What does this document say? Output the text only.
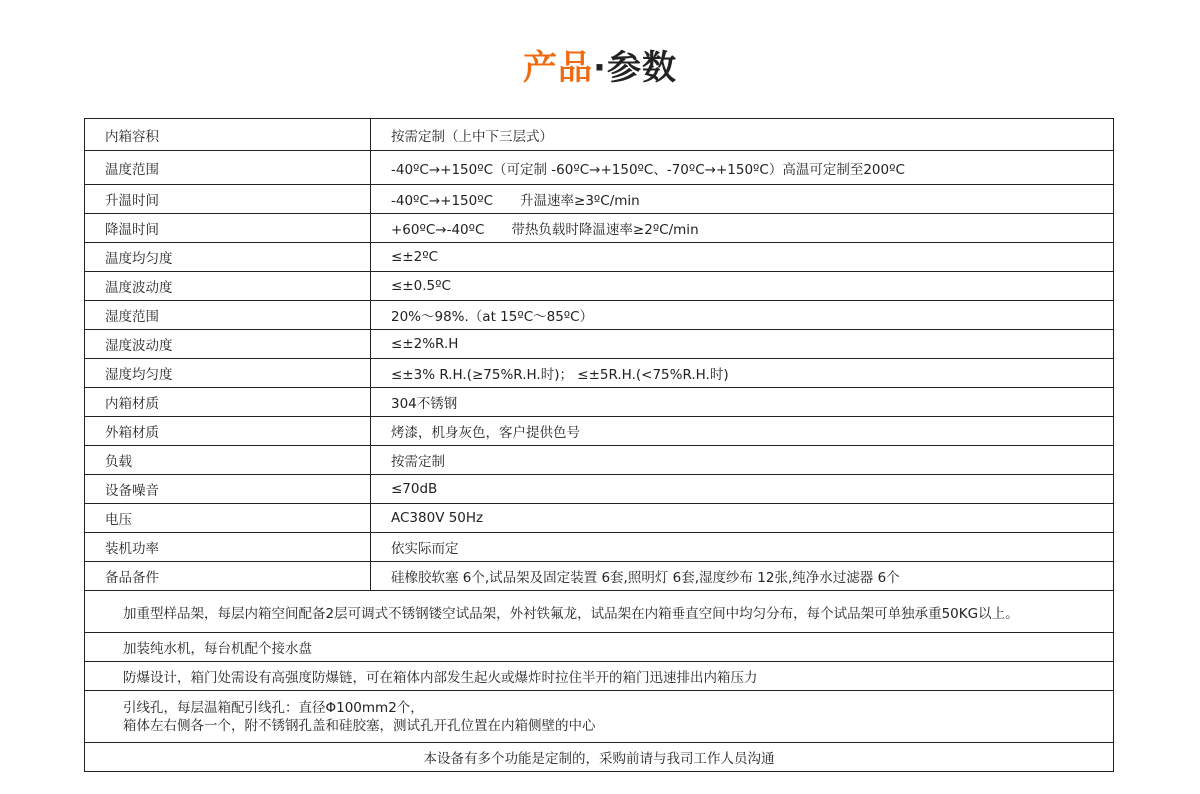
产品·参数
内箱容积	按需定制（上中下三层式）
温度范围	-40ºC→+150ºC（可定制 -60ºC→+150ºC、-70ºC→+150ºC）高温可定制至200ºC
升温时间	-40ºC→+150ºC　　升温速率≥3ºC/min
降温时间	+60ºC→-40ºC　　带热负载时降温速率≥2ºC/min
温度均匀度	≤±2ºC
温度波动度	≤±0.5ºC
湿度范围	20%～98%.（at 15ºC～85ºC）
湿度波动度	≤±2%R.H
湿度均匀度	≤±3% R.H.(≥75%R.H.时)； ≤±5R.H.(<75%R.H.时)
内箱材质	304不锈钢
外箱材质	烤漆，机身灰色，客户提供色号
负载	按需定制
设备噪音	≤70dB
电压	AC380V 50Hz
装机功率	依实际而定
备品备件	硅橡胶软塞 6个,试品架及固定装置 6套,照明灯 6套,湿度纱布 12张,纯净水过滤器 6个
加重型样品架，每层内箱空间配备2层可调式不锈钢镂空试品架，外衬铁氟龙，试品架在内箱垂直空间中均匀分布，每个试品架可单独承重50KG以上。	
加装纯水机，每台机配个接水盘	
防爆设计，箱门处需设有高强度防爆链，可在箱体内部发生起火或爆炸时拉住半开的箱门迅速排出内箱压力	

引线孔，每层温箱配引线孔：直径Φ100mm2个，
箱体左右侧各一个，附不锈钢孔盖和硅胶塞，测试孔开孔位置在内箱侧壁的中心	

本设备有多个功能是定制的，采购前请与我司工作人员沟通	
